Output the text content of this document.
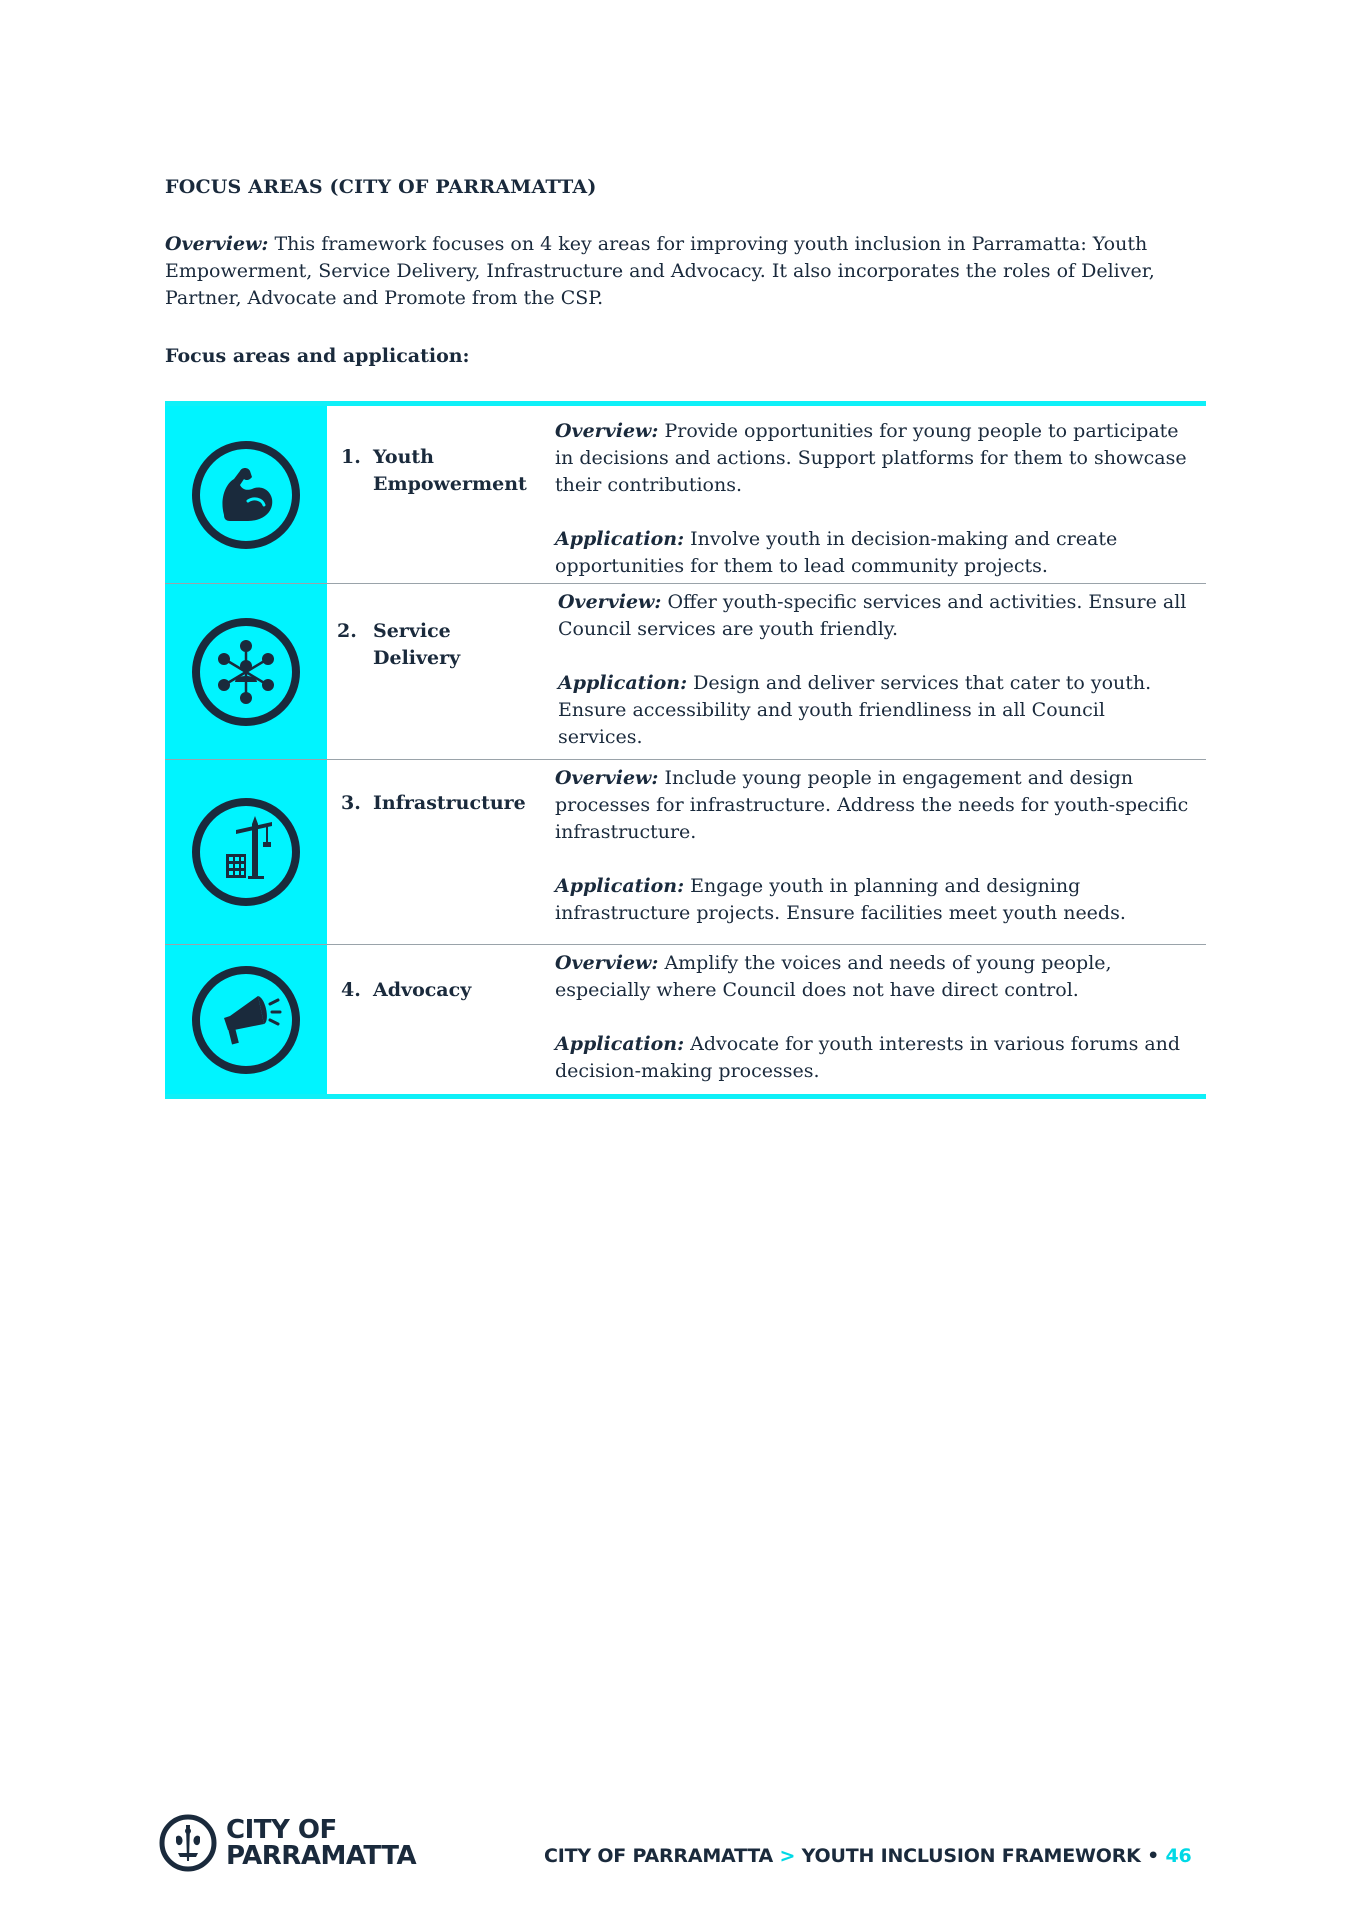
FOCUS AREAS (CITY OF PARRAMATTA)

Overview: This framework focuses on 4 key areas for improving youth inclusion in Parramatta: Youth Empowerment, Service Delivery, Infrastructure and Advocacy. It also incorporates the roles of Deliver, Partner, Advocate and Promote from the CSP.

Focus areas and application:
1. Youth Empowerment

Overview: Provide opportunities for young people to participate in decisions and actions. Support platforms for them to showcase their contributions.

Application: Involve youth in decision-making and create opportunities for them to lead community projects.

2. Service Delivery

Overview: Offer youth-specific services and activities. Ensure all Council services are youth friendly.

Application: Design and deliver services that cater to youth. Ensure accessibility and youth friendliness in all Council services.

3. Infrastructure

Overview: Include young people in engagement and design processes for infrastructure. Address the needs for youth-specific infrastructure.

Application: Engage youth in planning and designing infrastructure projects. Ensure facilities meet youth needs.

4. Advocacy

Overview: Amplify the voices and needs of young people, especially where Council does not have direct control.

Application: Advocate for youth interests in various forums and decision-making processes.

CITY OF
PARRAMATTA	CITY OF PARRAMATTA > YOUTH INCLUSION FRAMEWORK • 46
